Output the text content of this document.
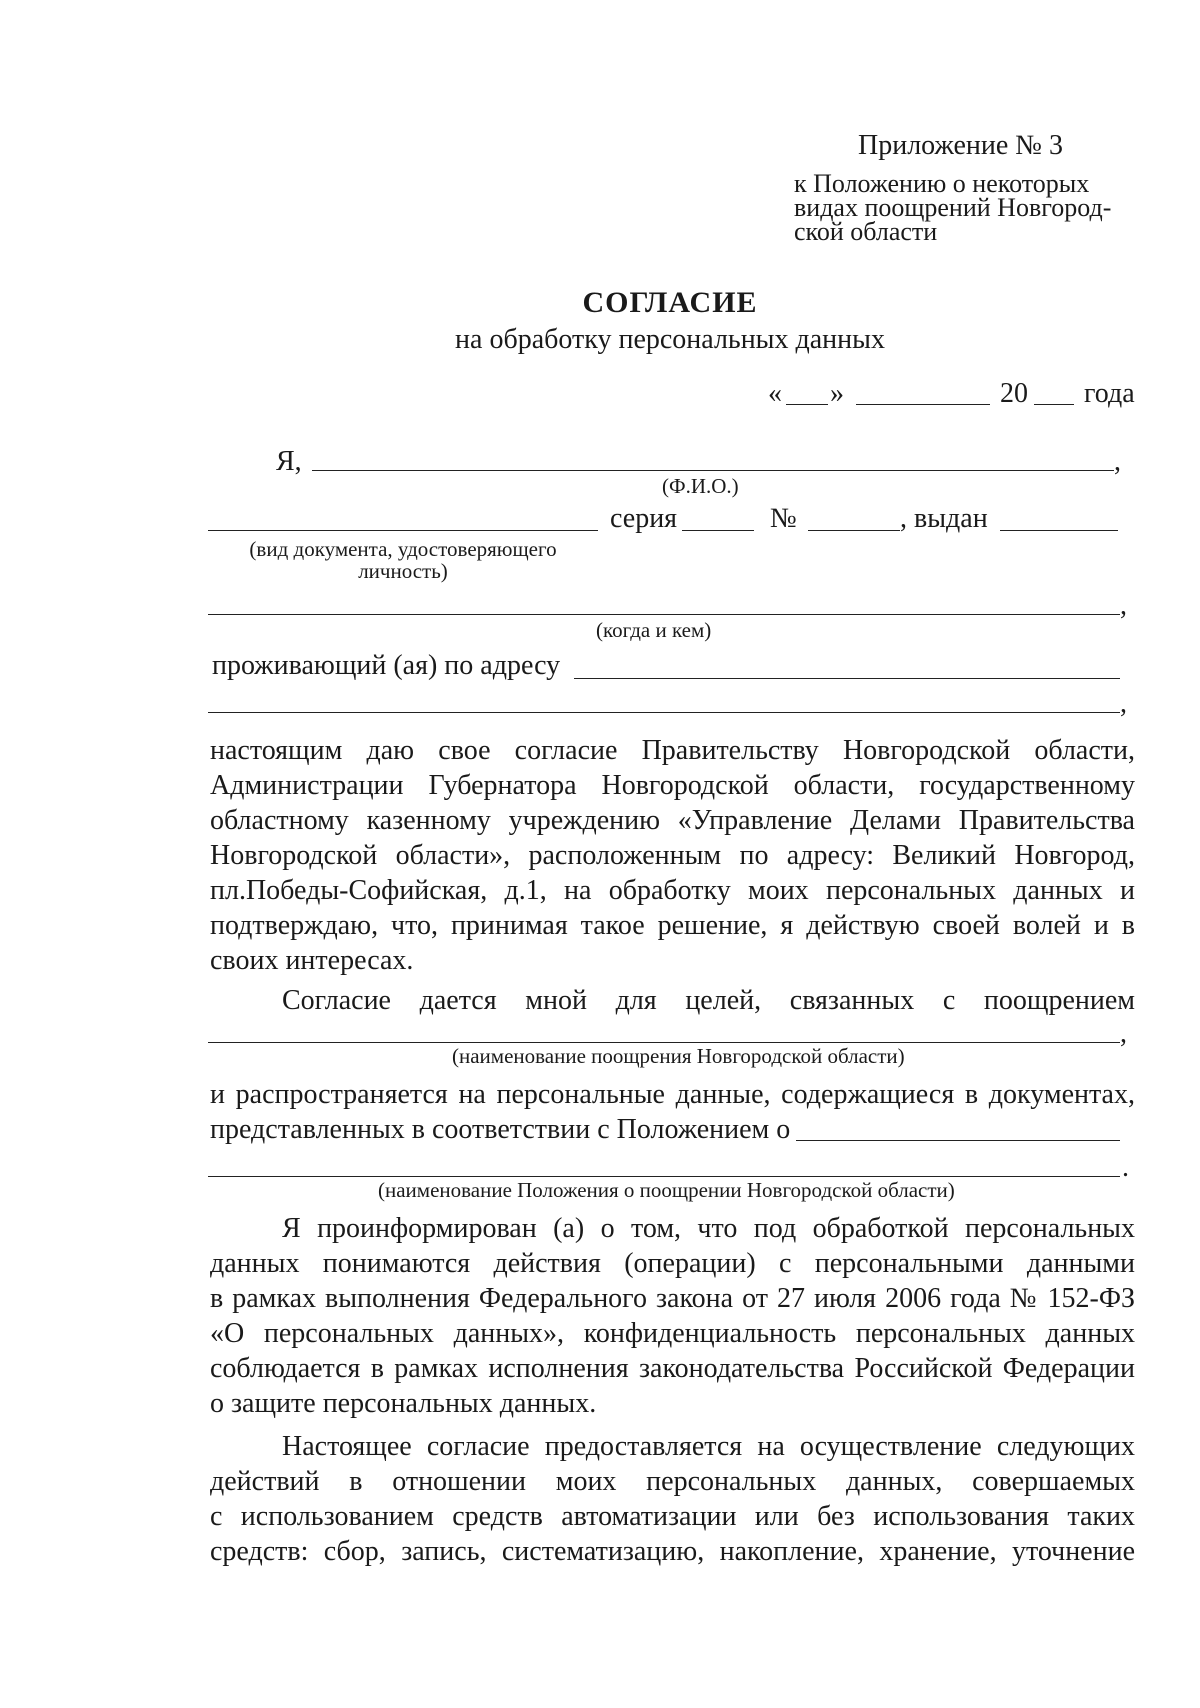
Приложение № 3
к Положению о некоторых
видах поощрений Новгород-
ской области
СОГЛАСИЕ
на обработку персональных данных
« »	20 года
Я,	,
(Ф.И.О.)
серия	№	, выдан
(вид документа, удостоверяющего
личность)
,
(когда и кем)
проживающий (ая) по адресу
,
настоящим даю свое согласие Правительству Новгородской области,
Администрации Губернатора Новгородской области, государственному
областному казенному учреждению «Управление Делами Правительства
Новгородской области», расположенным по адресу: Великий Новгород,
пл.Победы-Софийская, д.1, на обработку моих персональных данных и
подтверждаю, что, принимая такое решение, я действую своей волей и в
своих интересах.
Согласие дается мной для целей, связанных с поощрением
,
(наименование поощрения Новгородской области)
и распространяется на персональные данные, содержащиеся в документах,
представленных в соответствии с Положением о
.
(наименование Положения о поощрении Новгородской области)
Я проинформирован (а) о том, что под обработкой персональных
данных понимаются действия (операции) с персональными данными
в рамках выполнения Федерального закона от 27 июля 2006 года № 152-ФЗ
«О персональных данных», конфиденциальность персональных данных
соблюдается в рамках исполнения законодательства Российской Федерации
о защите персональных данных.
Настоящее согласие предоставляется на осуществление следующих
действий в отношении моих персональных данных, совершаемых
с использованием средств автоматизации или без использования таких
средств: сбор, запись, систематизацию, накопление, хранение, уточнение
